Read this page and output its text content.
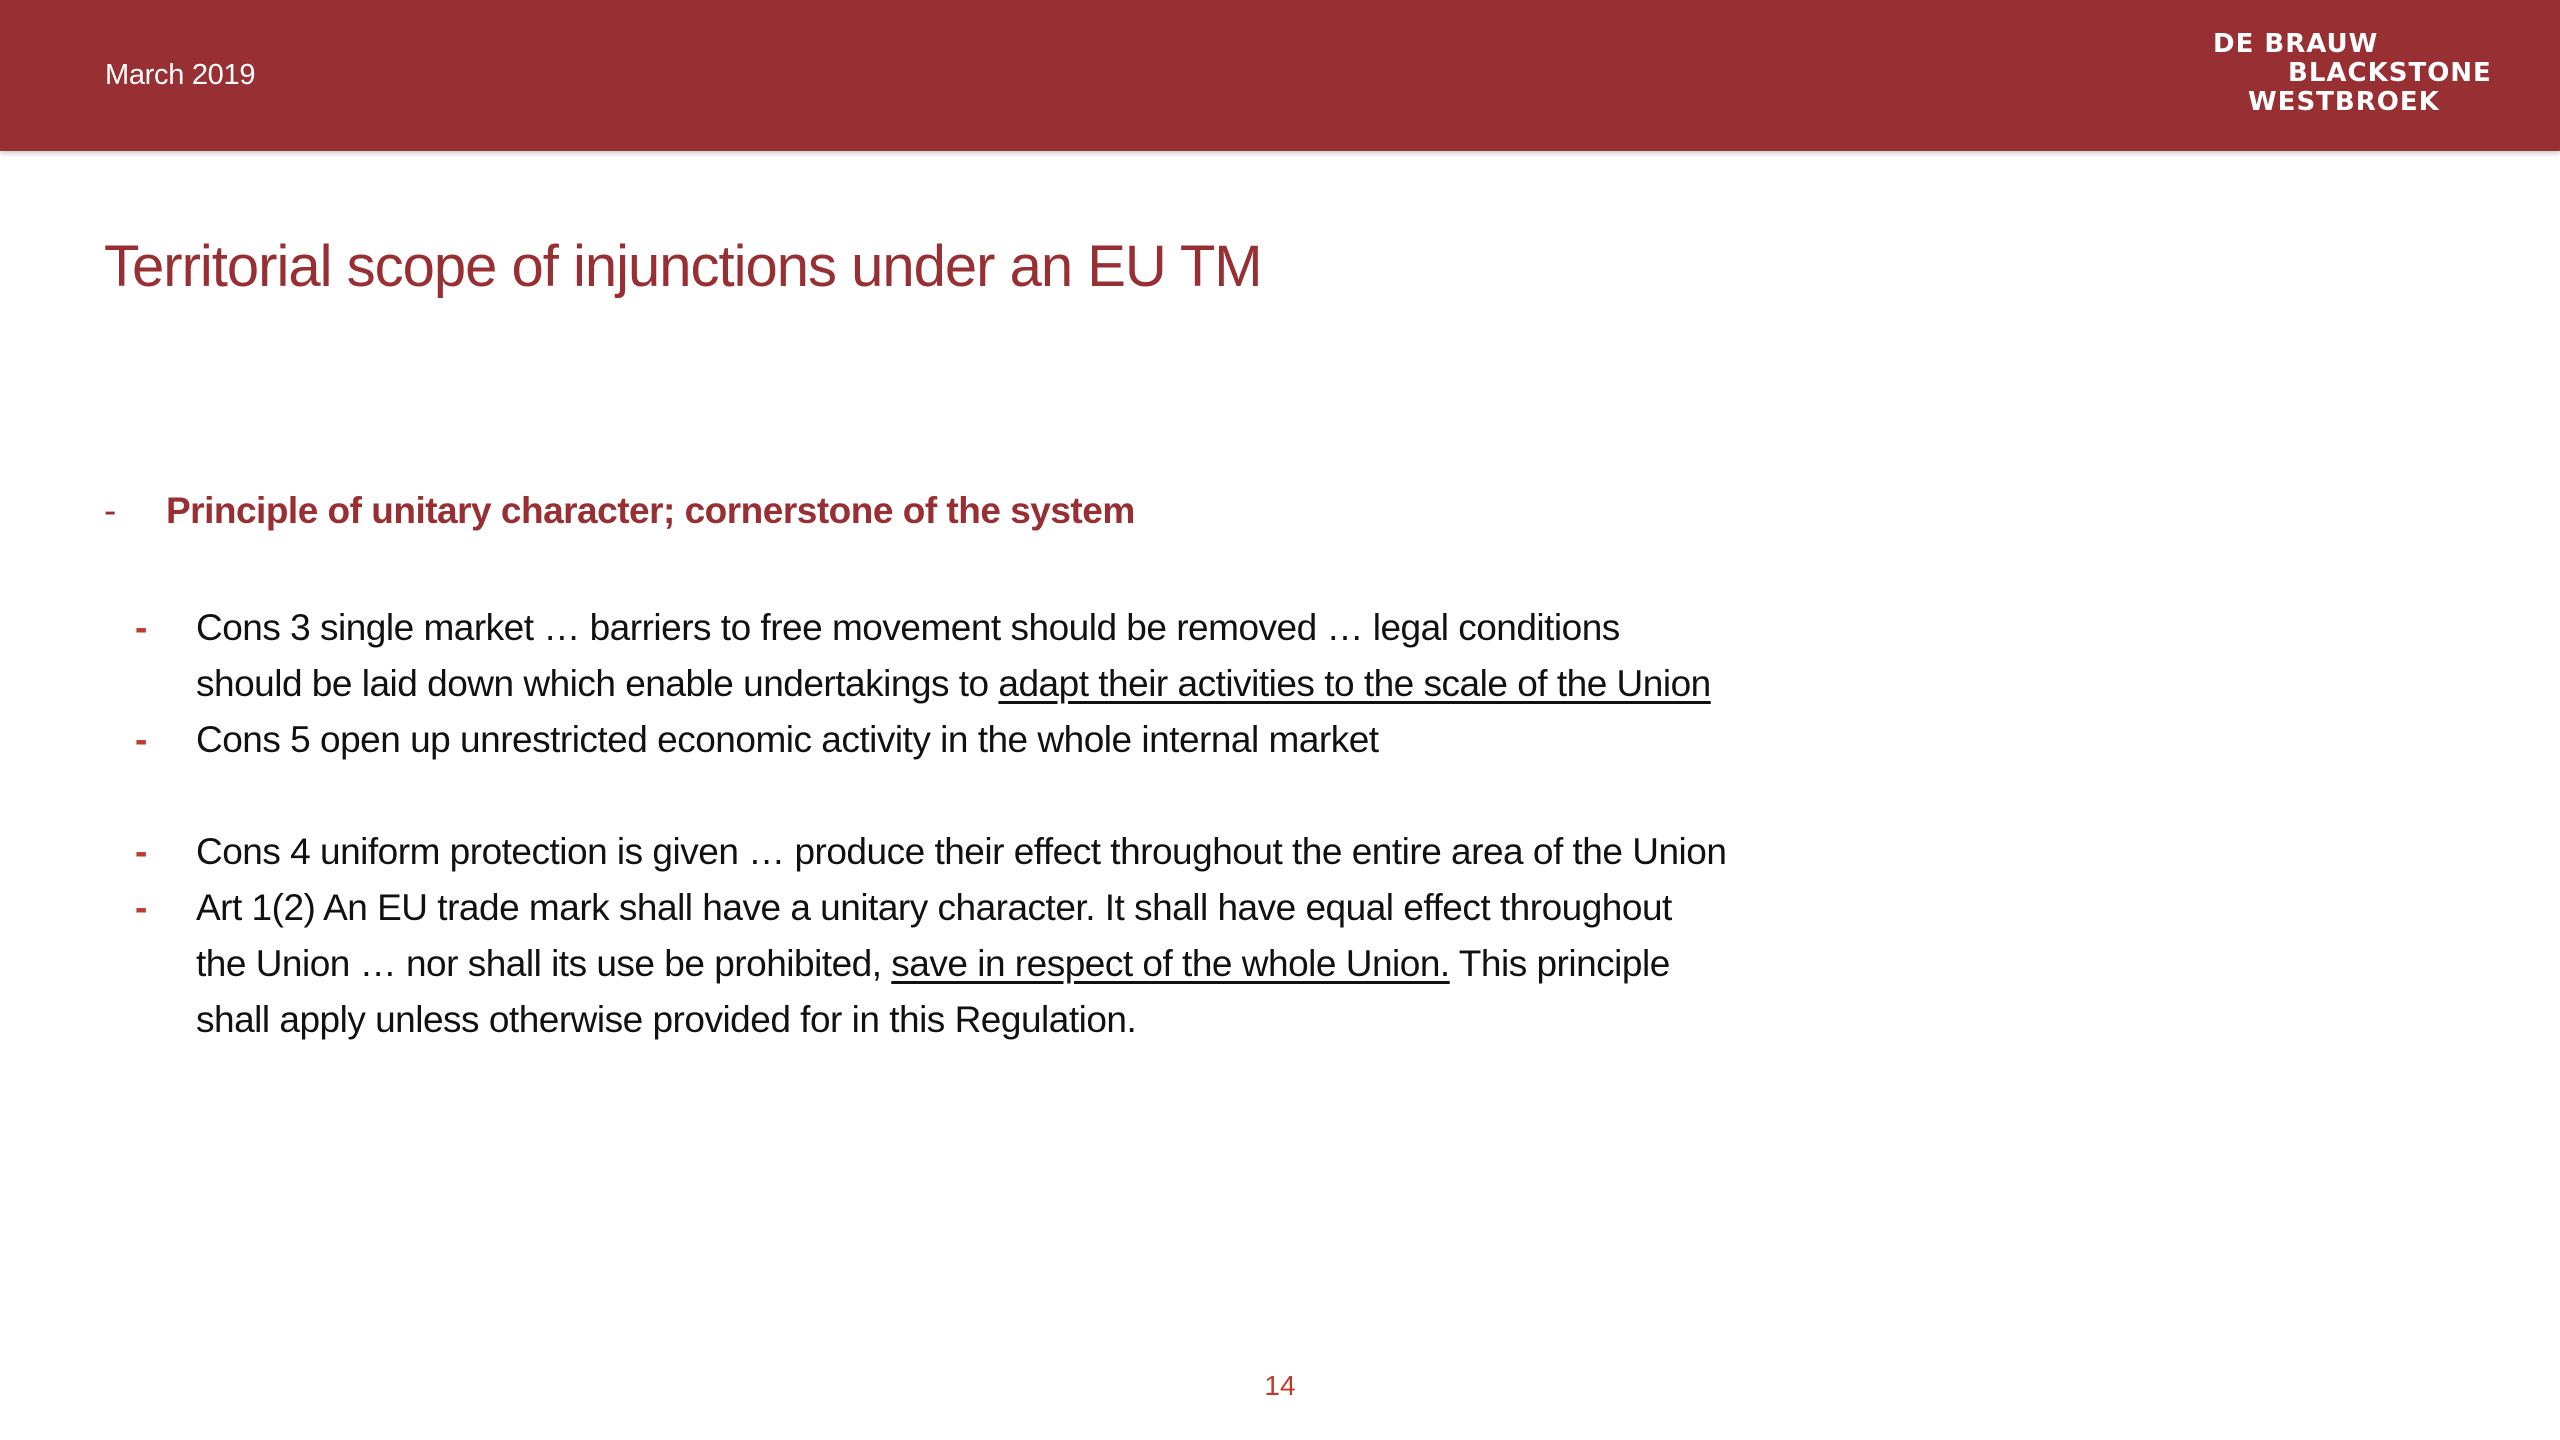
March 2019
DE BRAUW
BLACKSTONE
WESTBROEK
Territorial scope of injunctions under an EU TM
- Principle of unitary character; cornerstone of the system
- Cons 3 single market … barriers to free movement should be removed … legal conditions
should be laid down which enable undertakings to adapt their activities to the scale of the Union
- Cons 5 open up unrestricted economic activity in the whole internal market
- Cons 4 uniform protection is given … produce their effect throughout the entire area of the Union
- Art 1(2) An EU trade mark shall have a unitary character. It shall have equal effect throughout
the Union … nor shall its use be prohibited, save in respect of the whole Union. This principle
shall apply unless otherwise provided for in this Regulation.
14
